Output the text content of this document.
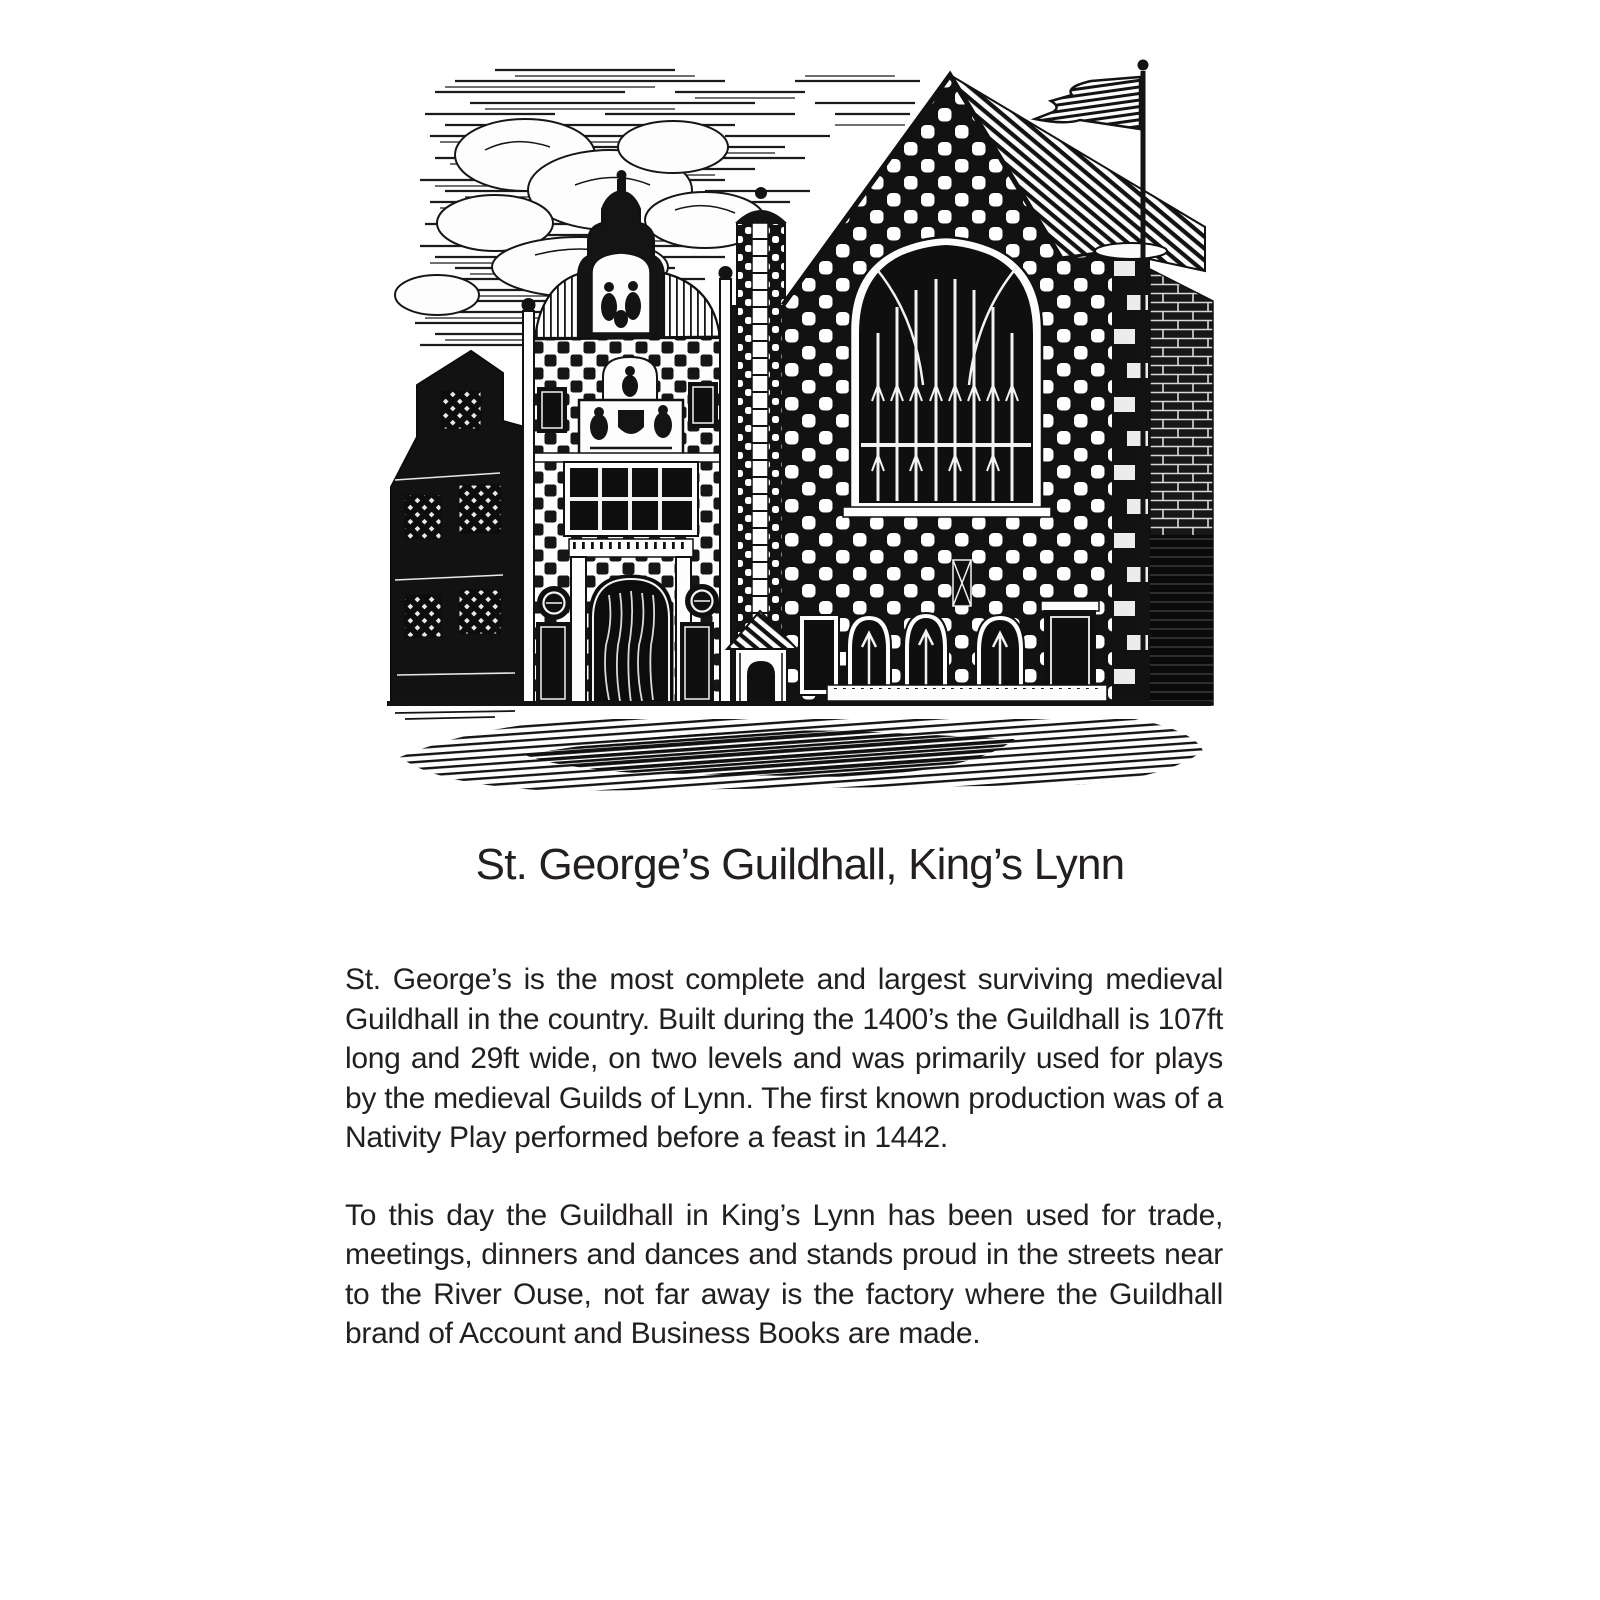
St. George’s Guildhall, King’s Lynn

St. George’s is the most complete and largest surviving medieval Guildhall in the country. Built during the 1400’s the Guildhall is 107ft long and 29ft wide, on two levels and was primarily used for plays by the medieval Guilds of Lynn. The first known production was of a Nativity Play performed before a feast in 1442.

To this day the Guildhall in King’s Lynn has been used for trade, meetings, dinners and dances and stands proud in the streets near to the River Ouse, not far away is the factory where the Guildhall brand of Account and Business Books are made.
